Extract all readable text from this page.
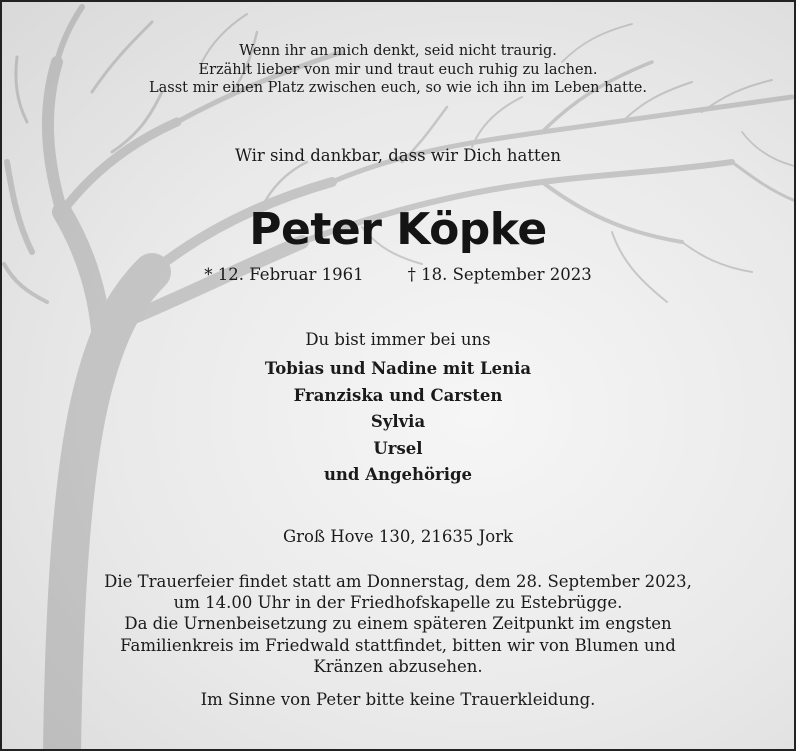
Wenn ihr an mich denkt, seid nicht traurig.
Erzählt lieber von mir und traut euch ruhig zu lachen.
Lasst mir einen Platz zwischen euch, so wie ich ihn im Leben hatte.
Wir sind dankbar, dass wir Dich hatten
Peter Köpke
* 12. Februar 1961	† 18. September 2023
Du bist immer bei uns
Tobias und Nadine mit Lenia
Franziska und Carsten
Sylvia
Ursel
und Angehörige
Groß Hove 130, 21635 Jork
Die Trauerfeier findet statt am Donnerstag, dem 28. September 2023,
um 14.00 Uhr in der Friedhofskapelle zu Estebrügge.
Da die Urnenbeisetzung zu einem späteren Zeitpunkt im engsten
Familienkreis im Friedwald stattfindet, bitten wir von Blumen und
Kränzen abzusehen.
Im Sinne von Peter bitte keine Trauerkleidung.
